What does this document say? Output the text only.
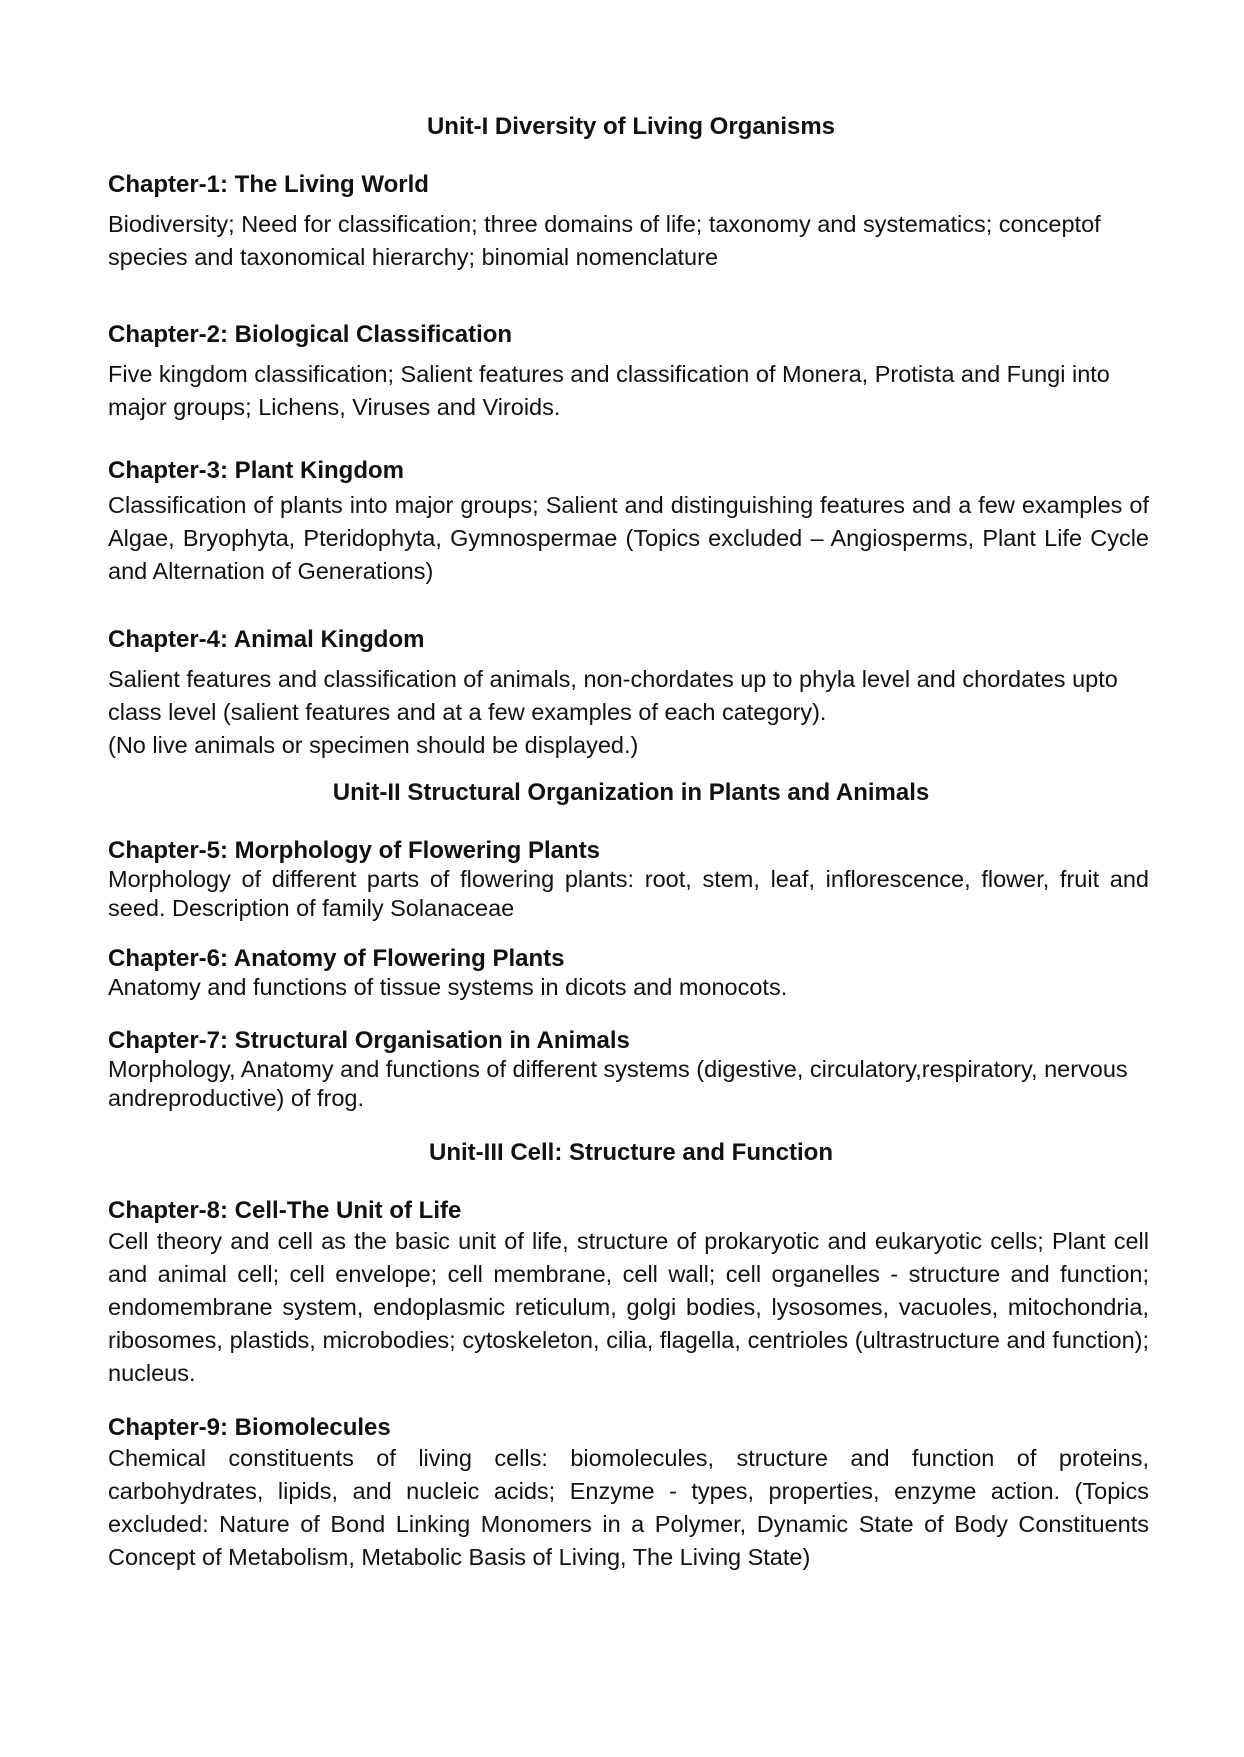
Unit-I Diversity of Living Organisms
Chapter-1: The Living World
Biodiversity; Need for classification; three domains of life; taxonomy and systematics; conceptof species and taxonomical hierarchy; binomial nomenclature
Chapter-2: Biological Classification
Five kingdom classification; Salient features and classification of Monera, Protista and Fungi into major groups; Lichens, Viruses and Viroids.
Chapter-3: Plant Kingdom
Classification of plants into major groups; Salient and distinguishing features and a few examples of Algae, Bryophyta, Pteridophyta, Gymnospermae (Topics excluded – Angiosperms, Plant Life Cycle and Alternation of Generations)
Chapter-4: Animal Kingdom

Salient features and classification of animals, non-chordates up to phyla level and chordates upto class level (salient features and at a few examples of each category).

(No live animals or specimen should be displayed.)

Unit-II Structural Organization in Plants and Animals
Chapter-5: Morphology of Flowering Plants
Morphology of different parts of flowering plants: root, stem, leaf, inflorescence, flower, fruit and seed. Description of family Solanaceae
Chapter-6: Anatomy of Flowering Plants
Anatomy and functions of tissue systems in dicots and monocots.
Chapter-7: Structural Organisation in Animals
Morphology, Anatomy and functions of different systems (digestive, circulatory,respiratory, nervous andreproductive) of frog.
Unit-III Cell: Structure and Function
Chapter-8: Cell-The Unit of Life
Cell theory and cell as the basic unit of life, structure of prokaryotic and eukaryotic cells; Plant cell and animal cell; cell envelope; cell membrane, cell wall; cell organelles - structure and function; endomembrane system, endoplasmic reticulum, golgi bodies, lysosomes, vacuoles, mitochondria, ribosomes, plastids, microbodies; cytoskeleton, cilia, flagella, centrioles (ultrastructure and function); nucleus.
Chapter-9: Biomolecules
Chemical constituents of living cells: biomolecules, structure and function of proteins, carbohydrates, lipids, and nucleic acids; Enzyme - types, properties, enzyme action. (Topics excluded: Nature of Bond Linking Monomers in a Polymer, Dynamic State of Body Constituents Concept of Metabolism, Metabolic Basis of Living, The Living State)
